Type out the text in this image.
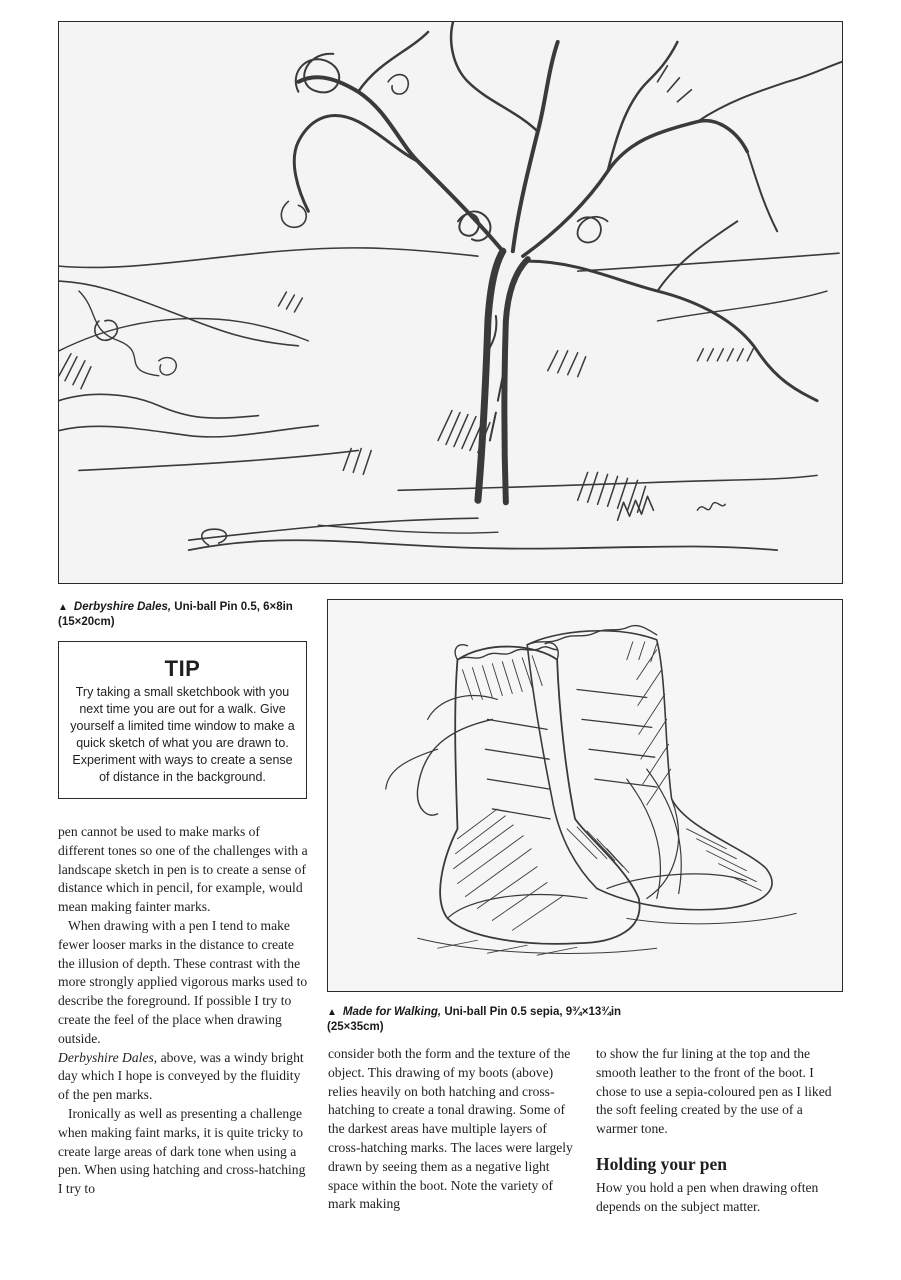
▲ Derbyshire Dales, Uni-ball Pin 0.5, 6×8in
(15×20cm)
▲ Made for Walking, Uni-ball Pin 0.5 sepia, 9¾×13¾in
(25×35cm)
TIP
Try taking a small sketchbook with you next time you are out for a walk. Give yourself a limited time window to make a quick sketch of what you are drawn to. Experiment with ways to create a sense of distance in the background.

pen cannot be used to make marks of different tones so one of the challenges with a landscape sketch in pen is to create a sense of distance which in pencil, for example, would mean making fainter marks.

When drawing with a pen I tend to make fewer looser marks in the distance to create the illusion of depth. These contrast with the more strongly applied vigorous marks used to describe the foreground. If possible I try to create the feel of the place when drawing outside.

Derbyshire Dales, above, was a windy bright day which I hope is conveyed by the fluidity of the pen marks.

Ironically as well as presenting a challenge when making faint marks, it is quite tricky to create large areas of dark tone when using a pen. When using hatching and cross-hatching I try to

consider both the form and the texture of the object. This drawing of my boots (above) relies heavily on both hatching and cross-hatching to create a tonal drawing. Some of the darkest areas have multiple layers of cross-hatching marks. The laces were largely drawn by seeing them as a negative light space within the boot. Note the variety of mark making

to show the fur lining at the top and the smooth leather to the front of the boot. I chose to use a sepia-coloured pen as I liked the soft feeling created by the use of a warmer tone.

Holding your pen

How you hold a pen when drawing often depends on the subject matter.
